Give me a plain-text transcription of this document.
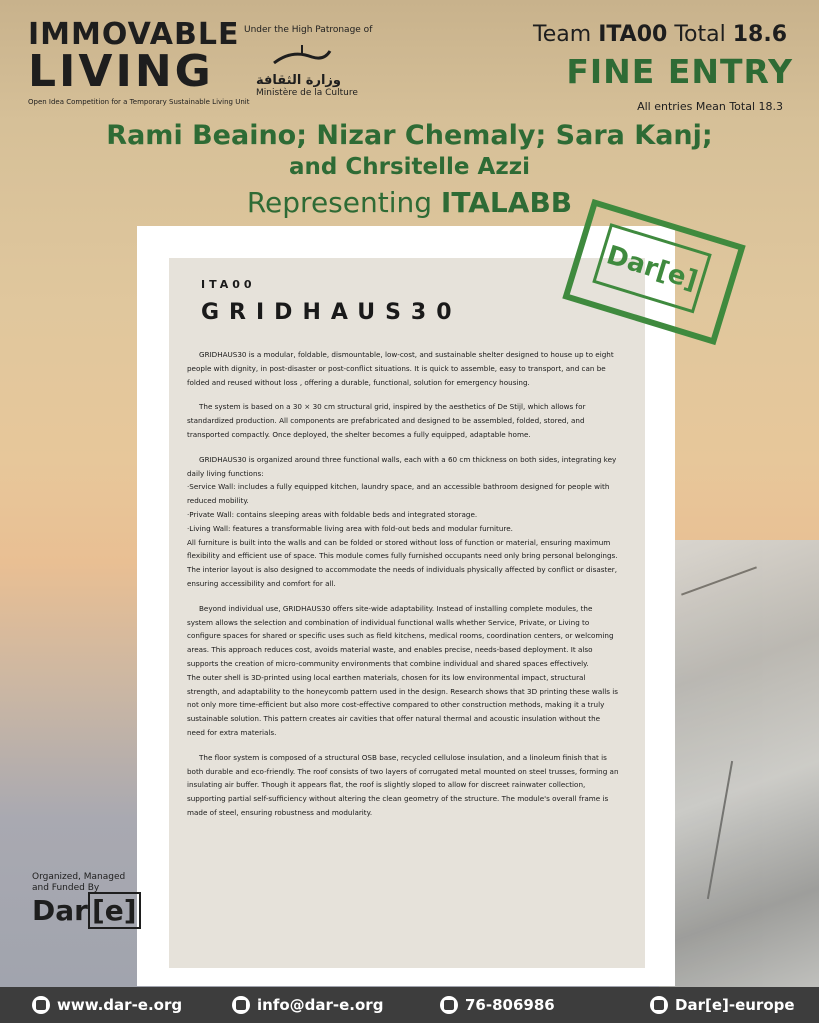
IMMOVABLE
LIVING
Open Idea Competition for a Temporary Sustainable Living Unit
Under the High Patronage of
وزارة الثقافة
Ministère de la Culture
Team ITA00 Total 18.6
FINE ENTRY
All entries Mean Total 18.3
Rami Beaino; Nizar Chemaly; Sara Kanj;
and Chrsitelle Azzi
Representing ITALABB
ITA00
GRIDHAUS30

GRIDHAUS30 is a modular, foldable, dismountable, low-cost, and sustainable shelter designed to house up to eight people with dignity, in post-disaster or post-conflict situations. It is quick to assemble, easy to transport, and can be folded and reused without loss , offering a durable, functional, solution for emergency housing.

The system is based on a 30 × 30 cm structural grid, inspired by the aesthetics of De Stijl, which allows for standardized production. All components are prefabricated and designed to be assembled, folded, stored, and transported compactly. Once deployed, the shelter becomes a fully equipped, adaptable home.

GRIDHAUS30 is organized around three functional walls, each with a 60 cm thickness on both sides, integrating key daily living functions:

·Service Wall: includes a fully equipped kitchen, laundry space, and an accessible bathroom designed for people with reduced mobility.

·Private Wall: contains sleeping areas with foldable beds and integrated storage.

·Living Wall: features a transformable living area with fold-out beds and modular furniture.

All furniture is built into the walls and can be folded or stored without loss of function or material, ensuring maximum flexibility and efficient use of space. This module comes fully furnished occupants need only bring personal belongings. The interior layout is also designed to accommodate the needs of individuals physically affected by conflict or disaster, ensuring accessibility and comfort for all.

Beyond individual use, GRIDHAUS30 offers site-wide adaptability. Instead of installing complete modules, the system allows the selection and combination of individual functional walls whether Service, Private, or Living to configure spaces for shared or specific uses such as field kitchens, medical rooms, coordination centers, or welcoming areas. This approach reduces cost, avoids material waste, and enables precise, needs-based deployment. It also supports the creation of micro-community environments that combine individual and shared spaces effectively.

The outer shell is 3D-printed using local earthen materials, chosen for its low environmental impact, structural strength, and adaptability to the honeycomb pattern used in the design. Research shows that 3D printing these walls is not only more time-efficient but also more cost-effective compared to other construction methods, making it a truly sustainable solution. This pattern creates air cavities that offer natural thermal and acoustic insulation without the need for extra materials.

The floor system is composed of a structural OSB base, recycled cellulose insulation, and a linoleum finish that is both durable and eco-friendly. The roof consists of two layers of corrugated metal mounted on steel trusses, forming an insulating air buffer. Though it appears flat, the roof is slightly sloped to allow for discreet rainwater collection, supporting partial self-sufficiency without altering the clean geometry of the structure. The module's overall frame is made of steel, ensuring robustness and modularity.

Dar[e]
Organized, Managed and Funded By
Dar [e]
www.dar-e.org	info@dar-e.org	76-806986	Dar[e]-europe
